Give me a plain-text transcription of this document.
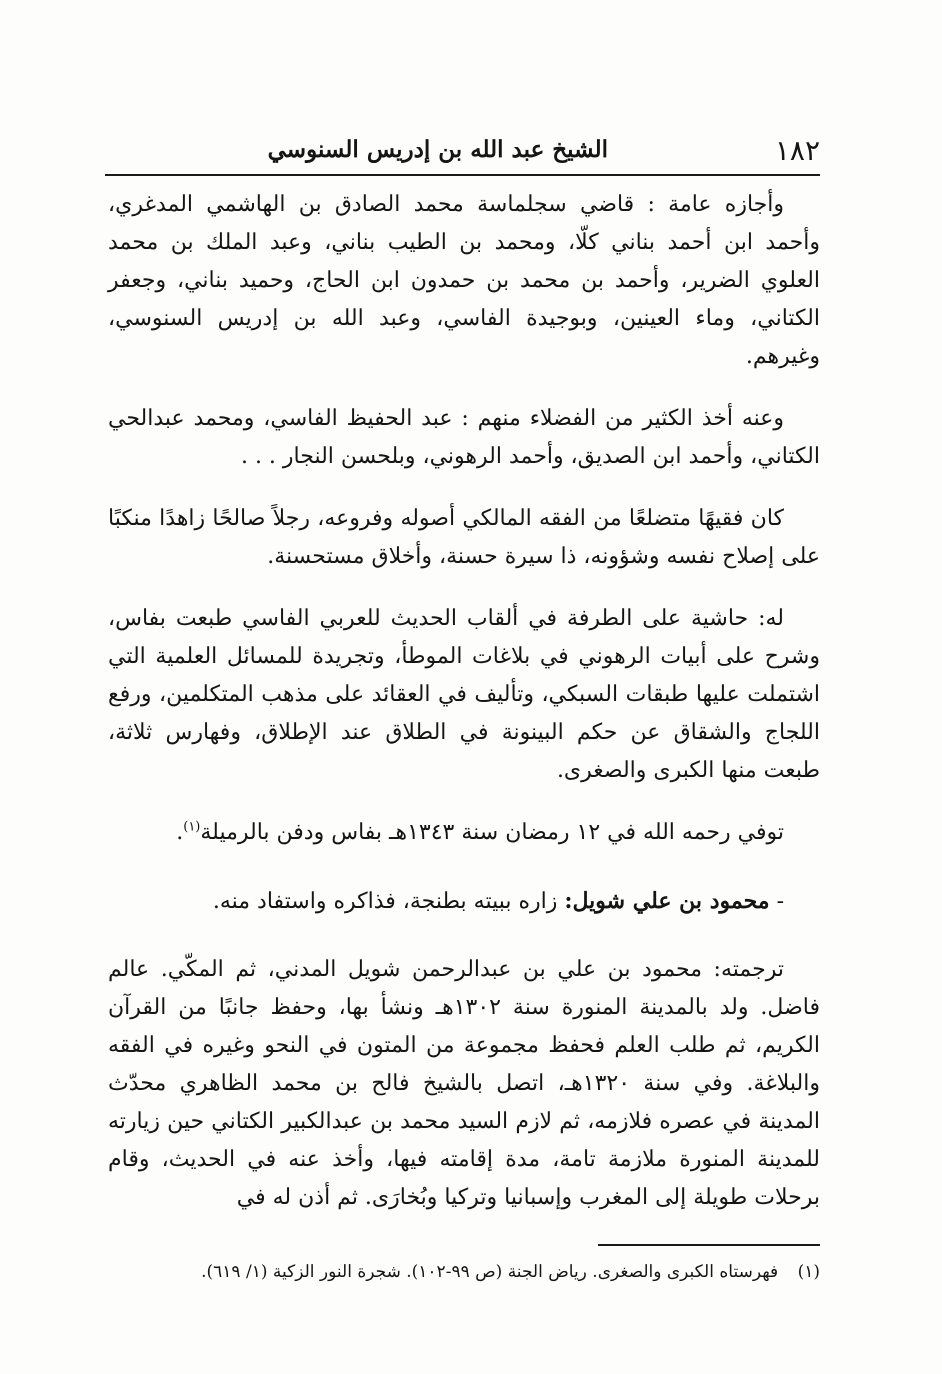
١٨٢
الشيخ عبد الله بن إدريس السنوسي

وأجازه عامة : قاضي سجلماسة محمد الصادق بن الهاشمي المدغري، وأحمد ابن أحمد بناني كلّا، ومحمد بن الطيب بناني، وعبد الملك بن محمد العلوي الضرير، وأحمد بن محمد بن حمدون ابن الحاج، وحميد بناني، وجعفر الكتاني، وماء العينين، وبوجيدة الفاسي، وعبد الله بن إدريس السنوسي، وغيرهم.

وعنه أخذ الكثير من الفضلاء منهم : عبد الحفيظ الفاسي، ومحمد عبدالحي الكتاني، وأحمد ابن الصديق، وأحمد الرهوني، وبلحسن النجار . . .

كان فقيهًا متضلعًا من الفقه المالكي أصوله وفروعه، رجلاً صالحًا زاهدًا منكبًا على إصلاح نفسه وشؤونه، ذا سيرة حسنة، وأخلاق مستحسنة.

له: حاشية على الطرفة في ألقاب الحديث للعربي الفاسي طبعت بفاس، وشرح على أبيات الرهوني في بلاغات الموطأ، وتجريدة للمسائل العلمية التي اشتملت عليها طبقات السبكي، وتأليف في العقائد على مذهب المتكلمين، ورفع اللجاج والشقاق عن حكم البينونة في الطلاق عند الإطلاق، وفهارس ثلاثة، طبعت منها الكبرى والصغرى.

توفي رحمه الله في ١٢ رمضان سنة ١٣٤٣هـ بفاس ودفن بالرميلة$^{(١)}$.

- محمود بن علي شويل: زاره ببيته بطنجة، فذاكره واستفاد منه.

ترجمته: محمود بن علي بن عبدالرحمن شويل المدني، ثم المكّي. عالم فاضل. ولد بالمدينة المنورة سنة ١٣٠٢هـ ونشأ بها، وحفظ جانبًا من القرآن الكريم، ثم طلب العلم فحفظ مجموعة من المتون في النحو وغيره في الفقه والبلاغة. وفي سنة ١٣٢٠هـ، اتصل بالشيخ فالح بن محمد الظاهري محدّث المدينة في عصره فلازمه، ثم لازم السيد محمد بن عبدالكبير الكتاني حين زيارته للمدينة المنورة ملازمة تامة، مدة إقامته فيها، وأخذ عنه في الحديث، وقام برحلات طويلة إلى المغرب وإسبانيا وتركيا وبُخارَى. ثم أذن له في

(١) فهرستاه الكبرى والصغرى. رياض الجنة (ص ٩٩-١٠٢). شجرة النور الزكية (١/ ٦١٩).
